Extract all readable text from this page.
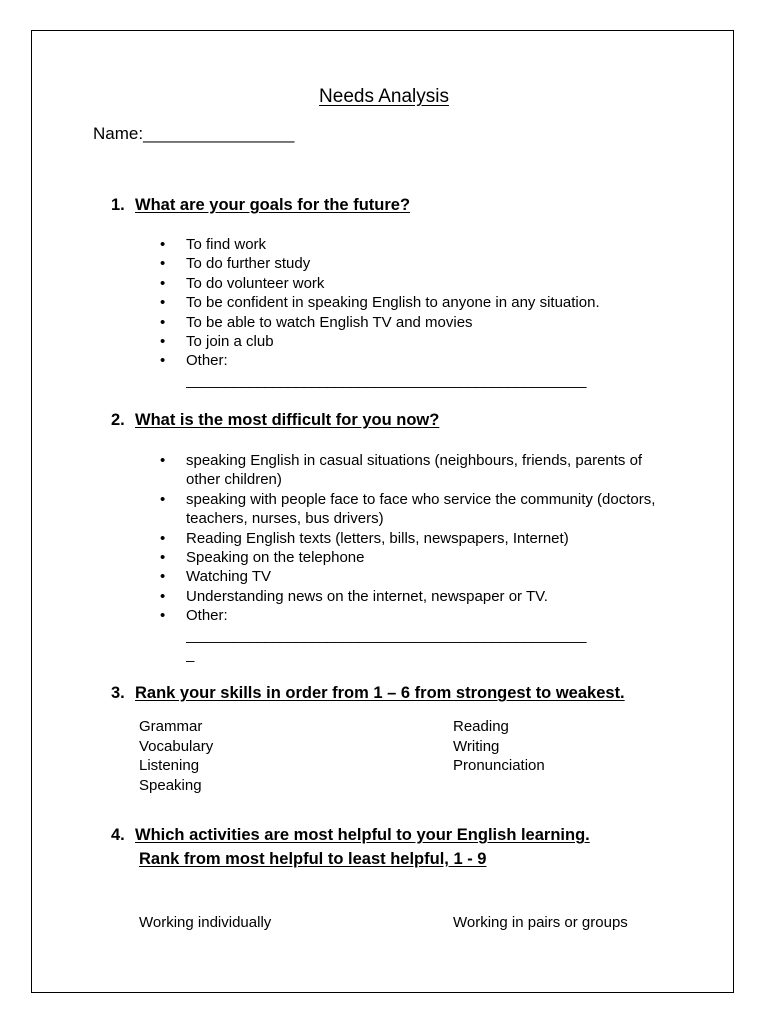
Needs Analysis
Name:________________
1. What are your goals for the future?
• To find work
• To do further study
• To do volunteer work
• To be confident in speaking English to anyone in any situation.
• To be able to watch English TV and movies
• To join a club
• Other:
___________________________________________________
2. What is the most difficult for you now?
• speaking English in casual situations (neighbours, friends, parents of other children)
• speaking with people face to face who service the community (doctors, teachers, nurses, bus drivers)
• Reading English texts (letters, bills, newspapers, Internet)
• Speaking on the telephone
• Watching TV
• Understanding news on the internet, newspaper or TV.
• Other:
___________________________________________________
_
3. Rank your skills in order from 1 – 6 from strongest to weakest.
Grammar
Vocabulary
Listening
Speaking
Reading
Writing
Pronunciation
4. Which activities are most helpful to your English learning.
Rank from most helpful to least helpful, 1 - 9
Working individually	Working in pairs or groups
